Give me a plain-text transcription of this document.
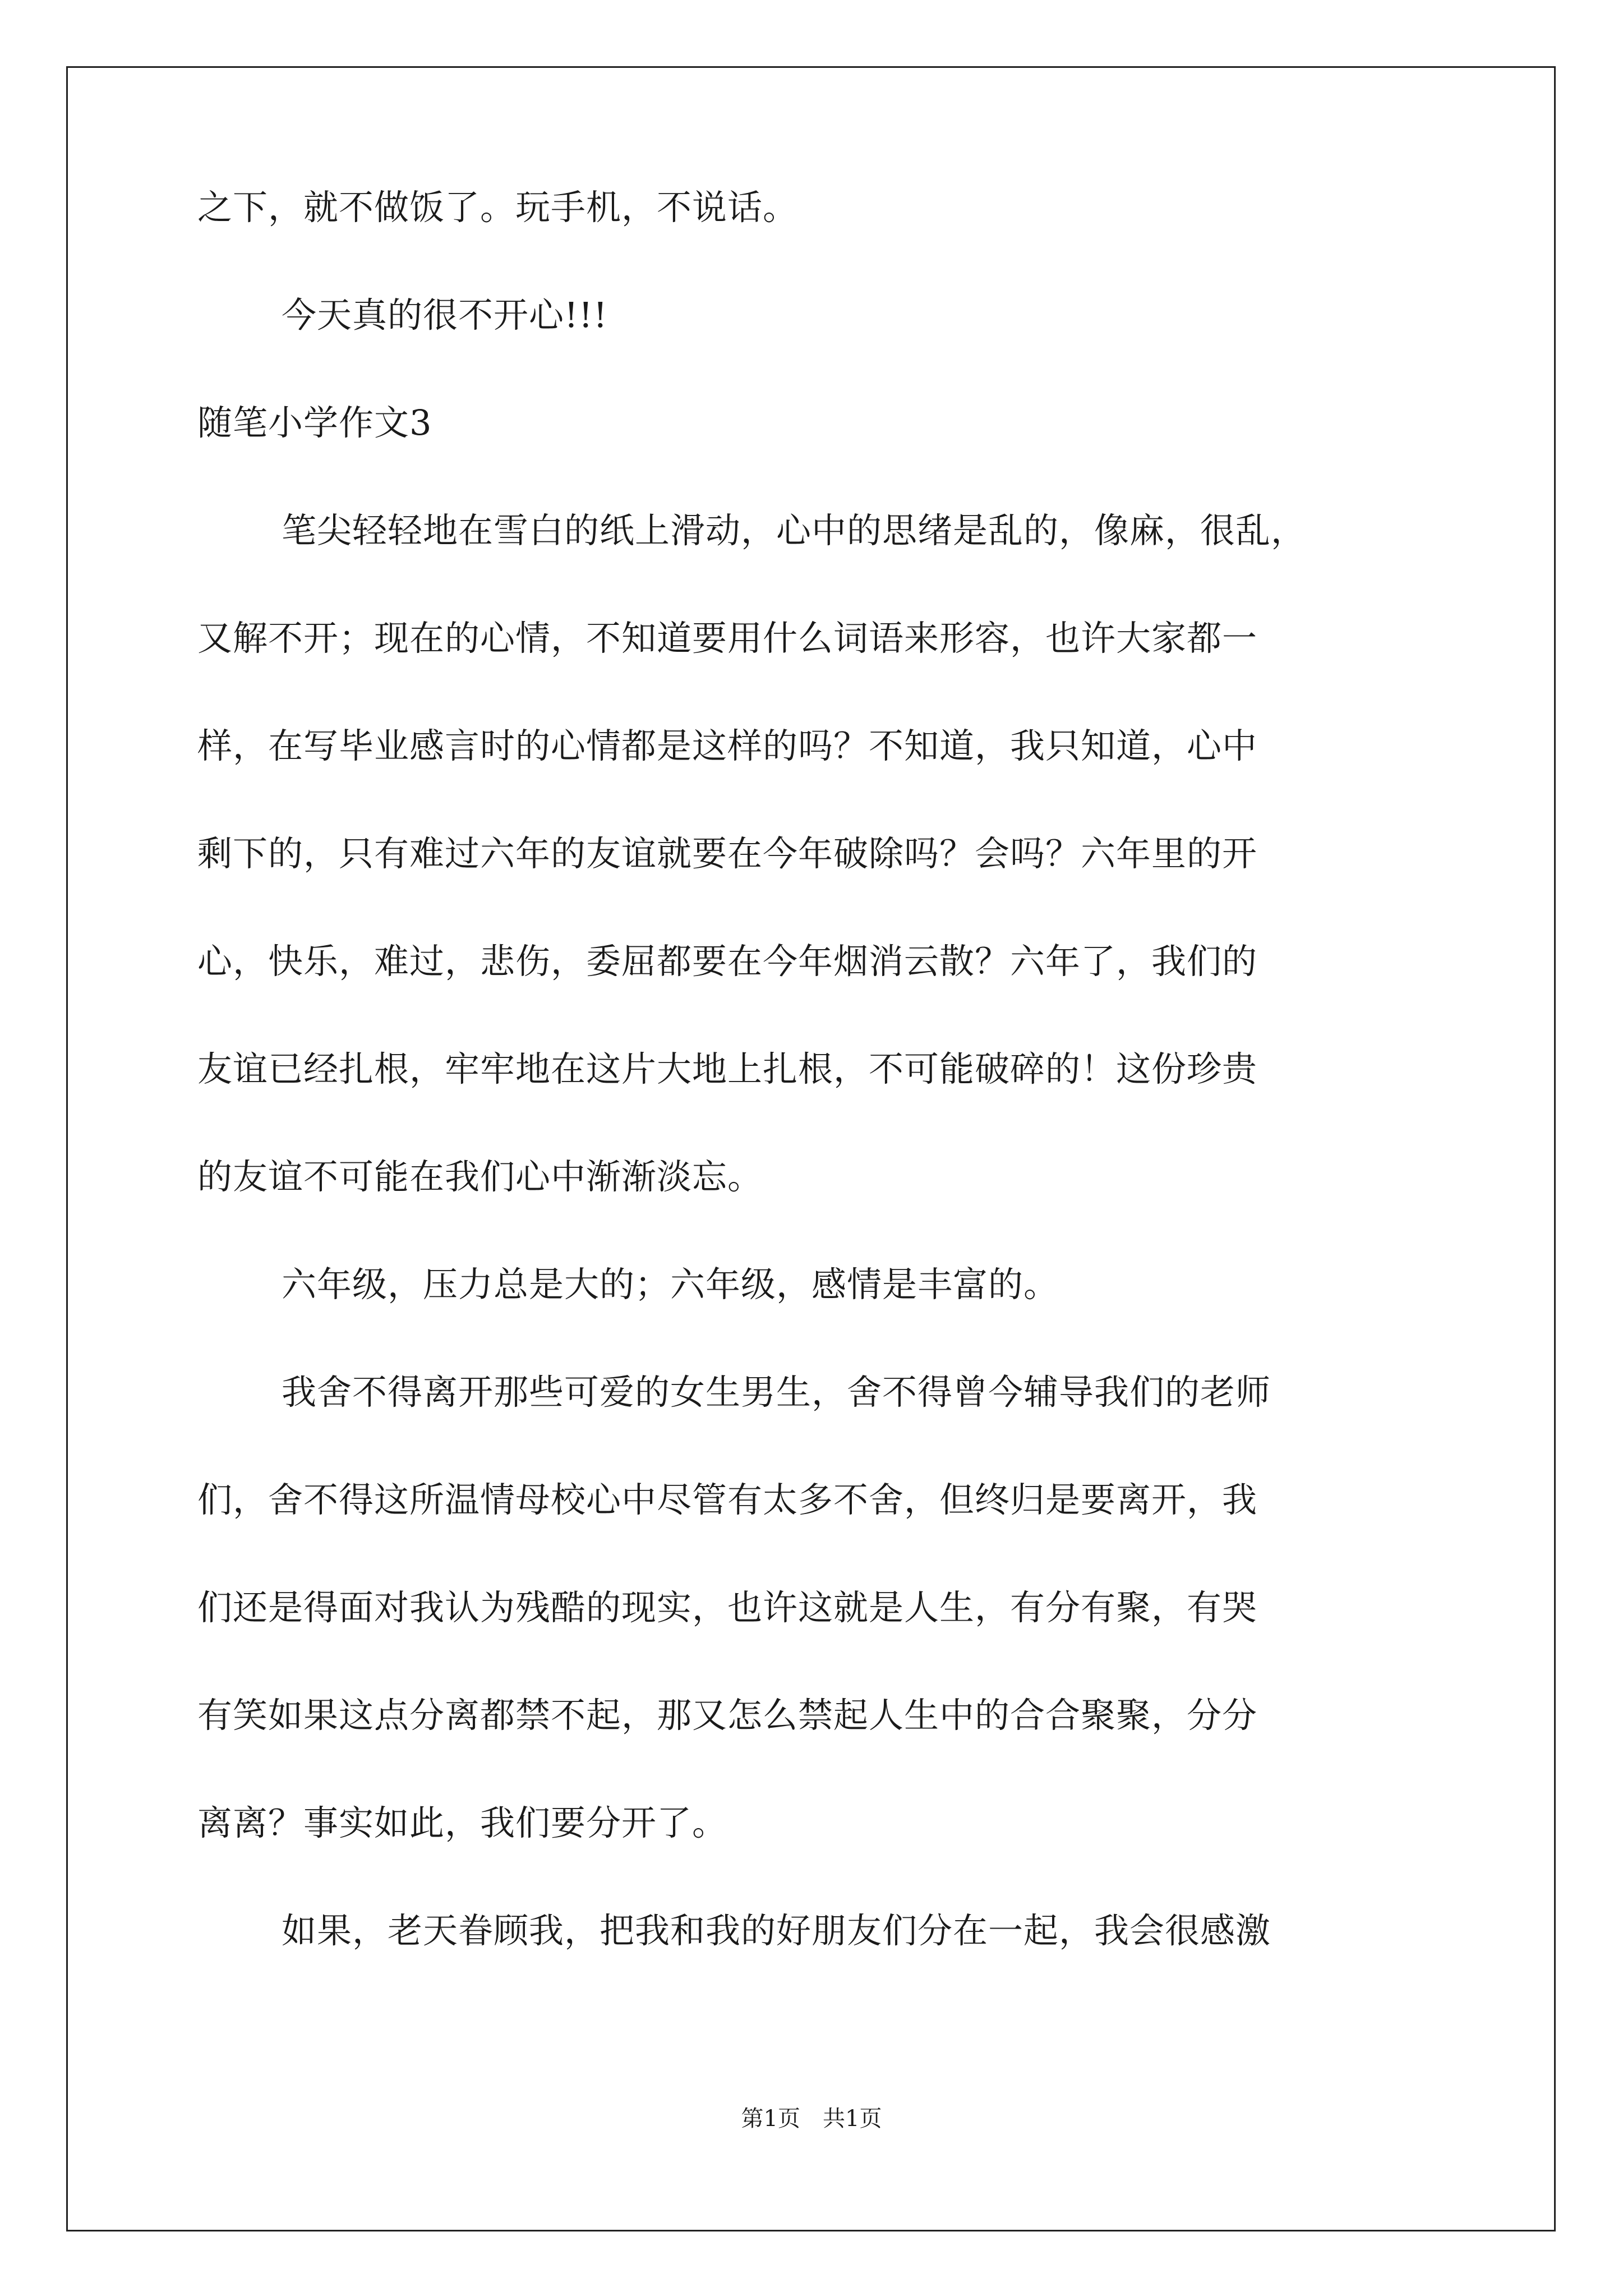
之下，就不做饭了。玩手机，不说话。
今天真的很不开心!!!
随笔小学作文3
笔尖轻轻地在雪白的纸上滑动，心中的思绪是乱的，像麻，很乱，
又解不开；现在的心情，不知道要用什么词语来形容，也许大家都一
样，在写毕业感言时的心情都是这样的吗？不知道，我只知道，心中
剩下的，只有难过六年的友谊就要在今年破除吗？会吗？六年里的开
心，快乐，难过，悲伤，委屈都要在今年烟消云散？六年了，我们的
友谊已经扎根，牢牢地在这片大地上扎根，不可能破碎的！这份珍贵
的友谊不可能在我们心中渐渐淡忘。
六年级，压力总是大的；六年级，感情是丰富的。
我舍不得离开那些可爱的女生男生，舍不得曾今辅导我们的老师
们，舍不得这所温情母校心中尽管有太多不舍，但终归是要离开，我
们还是得面对我认为残酷的现实，也许这就是人生，有分有聚，有哭
有笑如果这点分离都禁不起，那又怎么禁起人生中的合合聚聚，分分
离离？事实如此，我们要分开了。
如果，老天眷顾我，把我和我的好朋友们分在一起，我会很感激
第1页　共1页
